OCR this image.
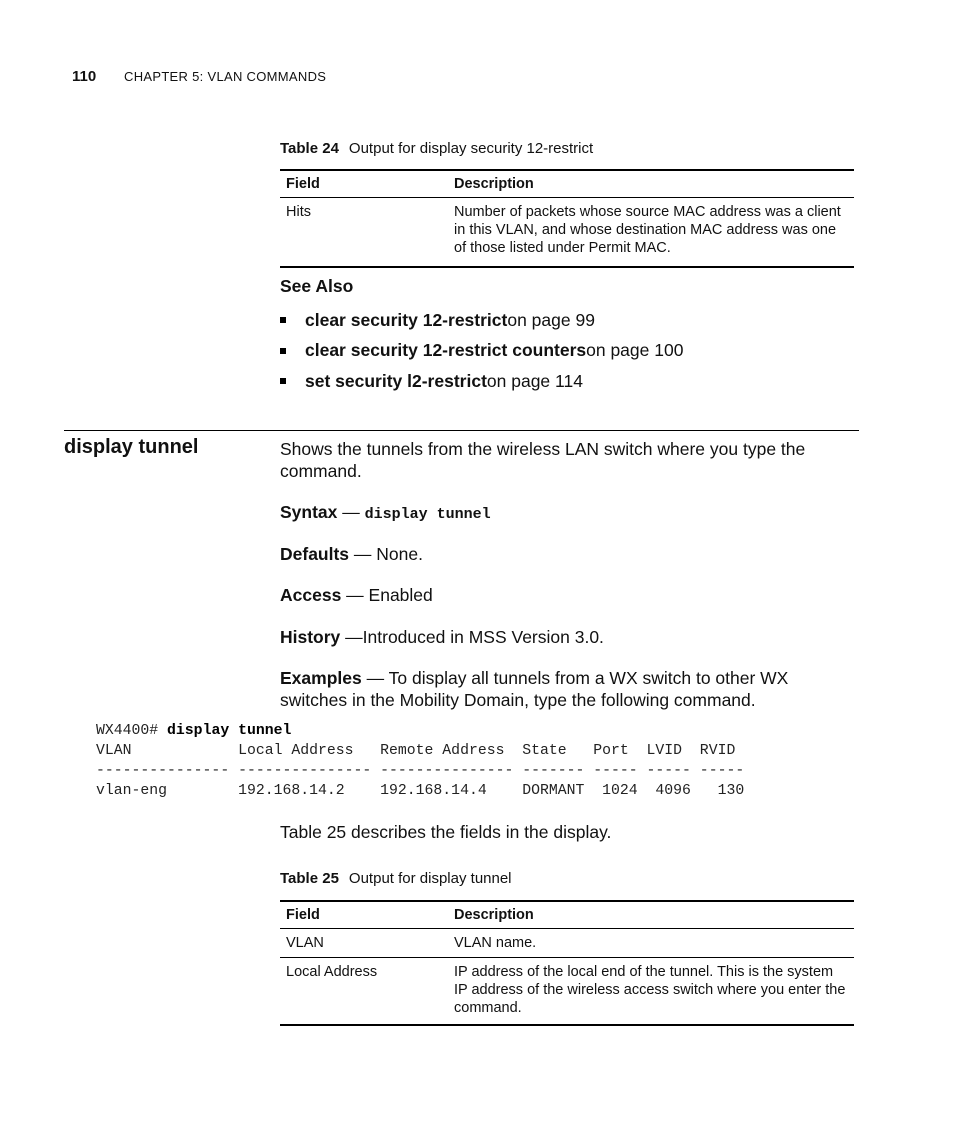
110 CHAPTER 5: VLAN COMMANDS
Table 24 Output for display security 12-restrict
Field	Description
Hits	Number of packets whose source MAC address was a client in this VLAN, and whose destination MAC address was one of those listed under Permit MAC.
See Also
clear security 12-restrict on page 99
clear security 12-restrict counters on page 100
set security l2-restrict on page 114
display tunnel	Shows the tunnels from the wireless LAN switch where you type the command.
Syntax — display tunnel
Defaults — None.
Access — Enabled
History —Introduced in MSS Version 3.0.
Examples — To display all tunnels from a WX switch to other WX switches in the Mobility Domain, type the following command.
WX4400# display tunnel
VLAN            Local Address   Remote Address  State   Port  LVID  RVID
--------------- --------------- --------------- ------- ----- ----- -----
vlan-eng        192.168.14.2    192.168.14.4    DORMANT  1024  4096   130
Table 25 describes the fields in the display.
Table 25 Output for display tunnel
Field	Description
VLAN	VLAN name.
Local Address	IP address of the local end of the tunnel. This is the system IP address of the wireless access switch where you enter the command.
